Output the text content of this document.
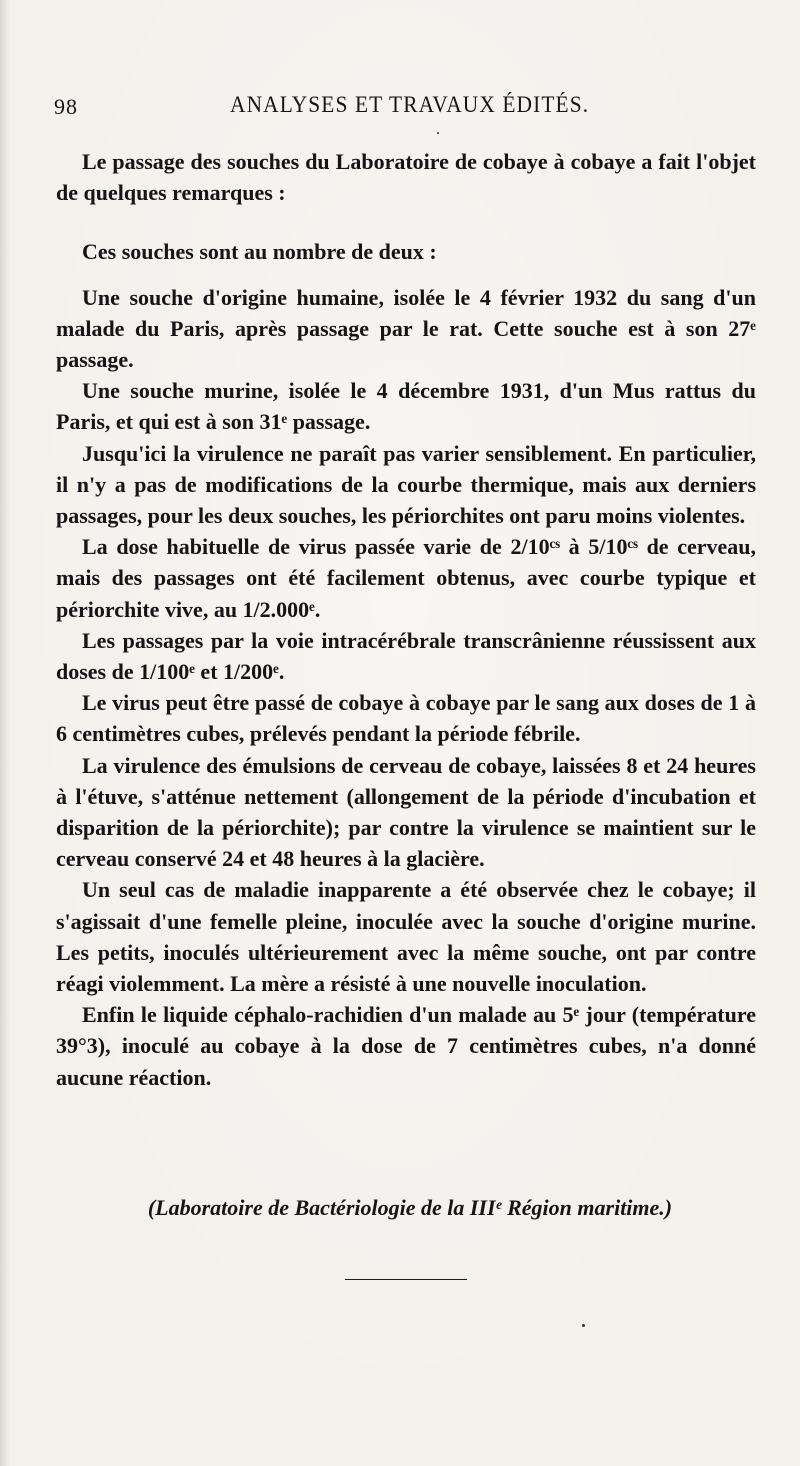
98	ANALYSES ET TRAVAUX ÉDITÉS.

Le passage des souches du Laboratoire de cobaye à cobaye a fait l'objet de quelques remarques :

Ces souches sont au nombre de deux :

Une souche d'origine humaine, isolée le 4 février 1932 du sang d'un malade du Paris, après passage par le rat. Cette souche est à son 27ᵉ passage.

Une souche murine, isolée le 4 décembre 1931, d'un Mus rattus du Paris, et qui est à son 31ᵉ passage.

Jusqu'ici la virulence ne paraît pas varier sensiblement. En particulier, il n'y a pas de modifications de la courbe thermique, mais aux derniers passages, pour les deux souches, les périorchites ont paru moins violentes.

La dose habituelle de virus passée varie de 2/10ᶜˢ à 5/10ᶜˢ de cerveau, mais des passages ont été facilement obtenus, avec courbe typique et périorchite vive, au 1/2.000ᵉ.

Les passages par la voie intracérébrale transcrânienne réussissent aux doses de 1/100ᵉ et 1/200ᵉ.

Le virus peut être passé de cobaye à cobaye par le sang aux doses de 1 à 6 centimètres cubes, prélevés pendant la période fébrile.

La virulence des émulsions de cerveau de cobaye, laissées 8 et 24 heures à l'étuve, s'atténue nettement (allongement de la période d'incubation et disparition de la périorchite); par contre la virulence se maintient sur le cerveau conservé 24 et 48 heures à la glacière.

Un seul cas de maladie inapparente a été observée chez le cobaye; il s'agissait d'une femelle pleine, inoculée avec la souche d'origine murine. Les petits, inoculés ultérieurement avec la même souche, ont par contre réagi violemment. La mère a résisté à une nouvelle inoculation.

Enfin le liquide céphalo-rachidien d'un malade au 5ᵉ jour (température 39°3), inoculé au cobaye à la dose de 7 centimètres cubes, n'a donné aucune réaction.

(Laboratoire de Bactériologie de la IIIᵉ Région maritime.)
